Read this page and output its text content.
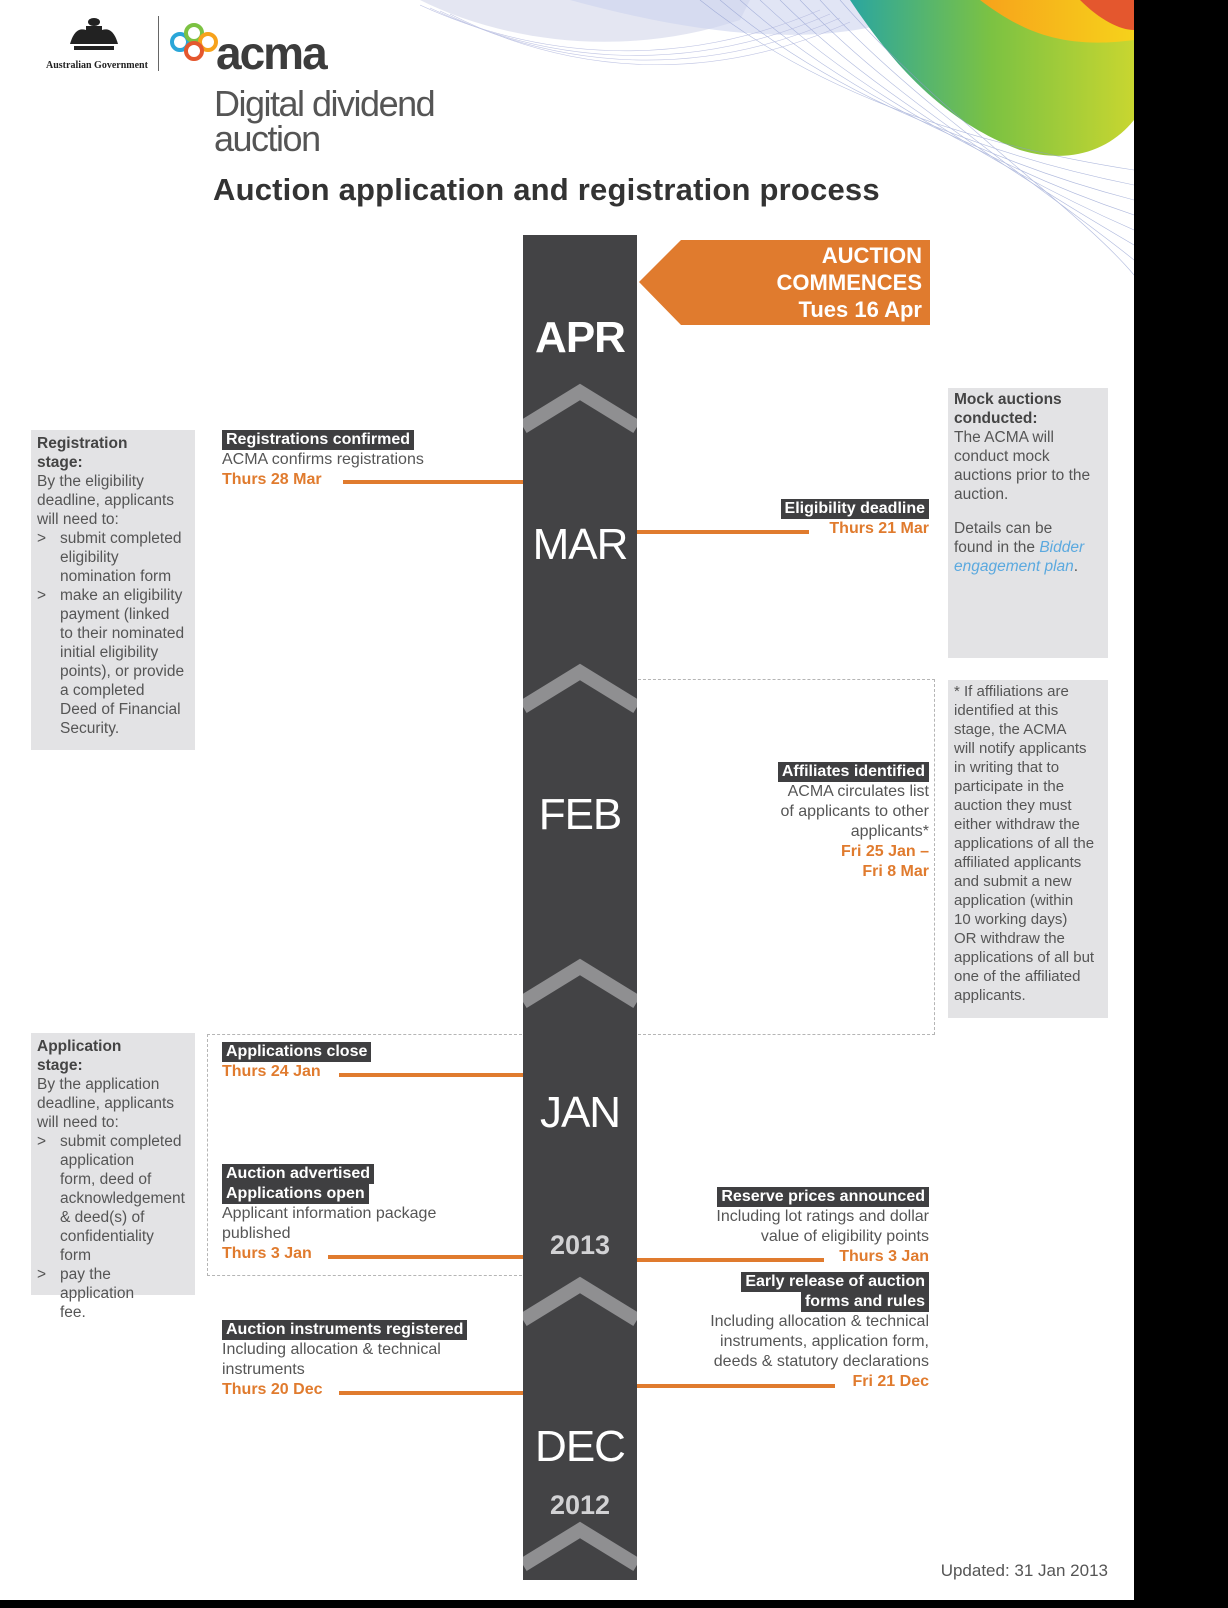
Australian Government acma
Digital dividend
auction
Auction application and registration process
APR
MAR
FEB
JAN
2013
DEC
2012
AUCTION
COMMENCES
Tues 16 Apr
Mock auctions
conducted:
The ACMA will
conduct mock
auctions prior to the
auction.
Details can be
found in the Bidder
engagement plan.
* If affiliations are
identified at this
stage, the ACMA
will notify applicants
in writing that to
participate in the
auction they must
either withdraw the
applications of all the
affiliated applicants
and submit a new
application (within
10 working days)
OR withdraw the
applications of all but
one of the affiliated
applicants.
Registration
stage:
By the eligibility
deadline, applicants
will need to:
> submit completed
eligibility
nomination form
> make an eligibility
payment (linked
to their nominated
initial eligibility
points), or provide
a completed
Deed of Financial
Security.
Application
stage:
By the application
deadline, applicants
will need to:
> submit completed
application
form, deed of
acknowledgement
& deed(s) of
confidentiality form
> pay the application
fee.
Registrations confirmed
ACMA confirms registrations
Thurs 28 Mar
Applications close
Thurs 24 Jan
Auction advertised
Applications open
Applicant information package
published
Thurs 3 Jan
Auction instruments registered
Including allocation & technical
instruments
Thurs 20 Dec
Eligibility deadline
Thurs 21 Mar
Affiliates identified
ACMA circulates list
of applicants to other
applicants*
Fri 25 Jan –
Fri 8 Mar
Reserve prices announced
Including lot ratings and dollar
value of eligibility points
Thurs 3 Jan
Early release of auction
forms and rules
Including allocation & technical
instruments, application form,
deeds & statutory declarations
Fri 21 Dec
Updated: 31 Jan 2013
